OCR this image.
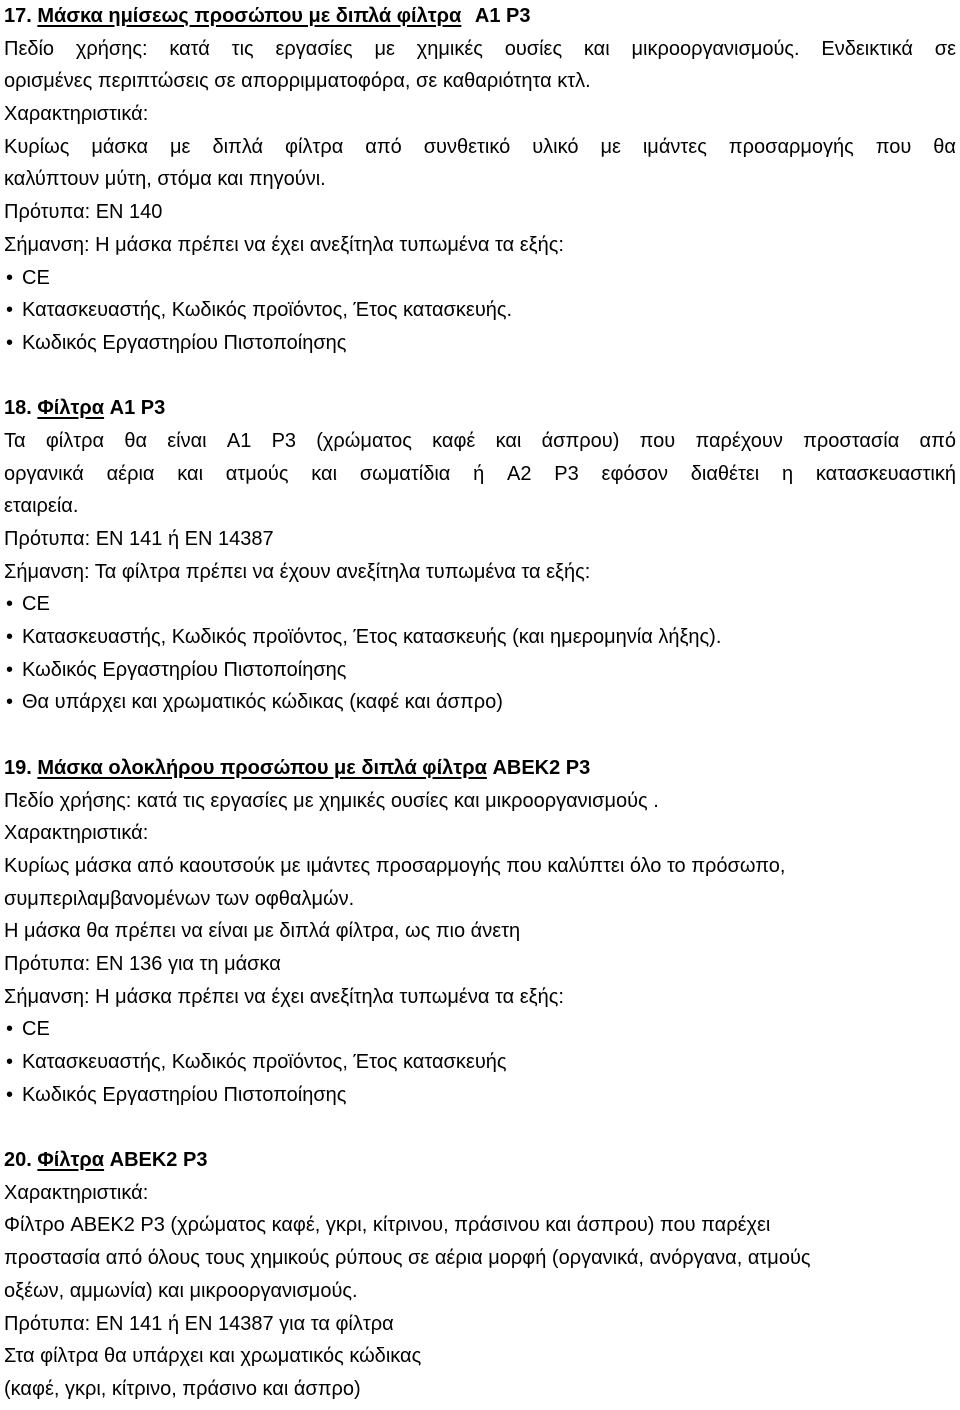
17. Μάσκα ημίσεως προσώπου με διπλά φίλτρα A1 P3
Πεδίο χρήσης: κατά τις εργασίες με χημικές ουσίες και μικροοργανισμούς. Ενδεικτικά σε
ορισμένες περιπτώσεις σε απορριμματοφόρα, σε καθαριότητα κτλ.
Χαρακτηριστικά:
Κυρίως μάσκα με διπλά φίλτρα από συνθετικό υλικό με ιμάντες προσαρμογής που θα
καλύπτουν μύτη, στόμα και πηγούνι.
Πρότυπα: EN 140
Σήμανση: Η μάσκα πρέπει να έχει ανεξίτηλα τυπωμένα τα εξής:
• CE
• Κατασκευαστής, Κωδικός προϊόντος, Έτος κατασκευής.
• Κωδικός Εργαστηρίου Πιστοποίησης
18. Φίλτρα A1 P3
Τα φίλτρα θα είναι A1 P3 (χρώματος καφέ και άσπρου) που παρέχουν προστασία από
οργανικά αέρια και ατμούς και σωματίδια ή A2 P3 εφόσον διαθέτει η κατασκευαστική
εταιρεία.
Πρότυπα: EN 141 ή EN 14387
Σήμανση: Τα φίλτρα πρέπει να έχουν ανεξίτηλα τυπωμένα τα εξής:
• CE
• Κατασκευαστής, Κωδικός προϊόντος, Έτος κατασκευής (και ημερομηνία λήξης).
• Κωδικός Εργαστηρίου Πιστοποίησης
• Θα υπάρχει και χρωματικός κώδικας (καφέ και άσπρο)
19. Μάσκα ολοκλήρου προσώπου με διπλά φίλτρα ABEK2 P3
Πεδίο χρήσης: κατά τις εργασίες με χημικές ουσίες και μικροοργανισμούς .
Χαρακτηριστικά:
Κυρίως μάσκα από καουτσούκ με ιμάντες προσαρμογής που καλύπτει όλο το πρόσωπο,
συμπεριλαμβανομένων των οφθαλμών.
Η μάσκα θα πρέπει να είναι με διπλά φίλτρα, ως πιο άνετη
Πρότυπα: EN 136 για τη μάσκα
Σήμανση: Η μάσκα πρέπει να έχει ανεξίτηλα τυπωμένα τα εξής:
• CE
• Κατασκευαστής, Κωδικός προϊόντος, Έτος κατασκευής
• Κωδικός Εργαστηρίου Πιστοποίησης
20. Φίλτρα ABEK2 P3
Χαρακτηριστικά:
Φίλτρο ABEK2 P3 (χρώματος καφέ, γκρι, κίτρινου, πράσινου και άσπρου) που παρέχει
προστασία από όλους τους χημικούς ρύπους σε αέρια μορφή (οργανικά, ανόργανα, ατμούς
οξέων, αμμωνία) και μικροοργανισμούς.
Πρότυπα: EN 141 ή EN 14387 για τα φίλτρα
Στα φίλτρα θα υπάρχει και χρωματικός κώδικας
(καφέ, γκρι, κίτρινο, πράσινο και άσπρο)
